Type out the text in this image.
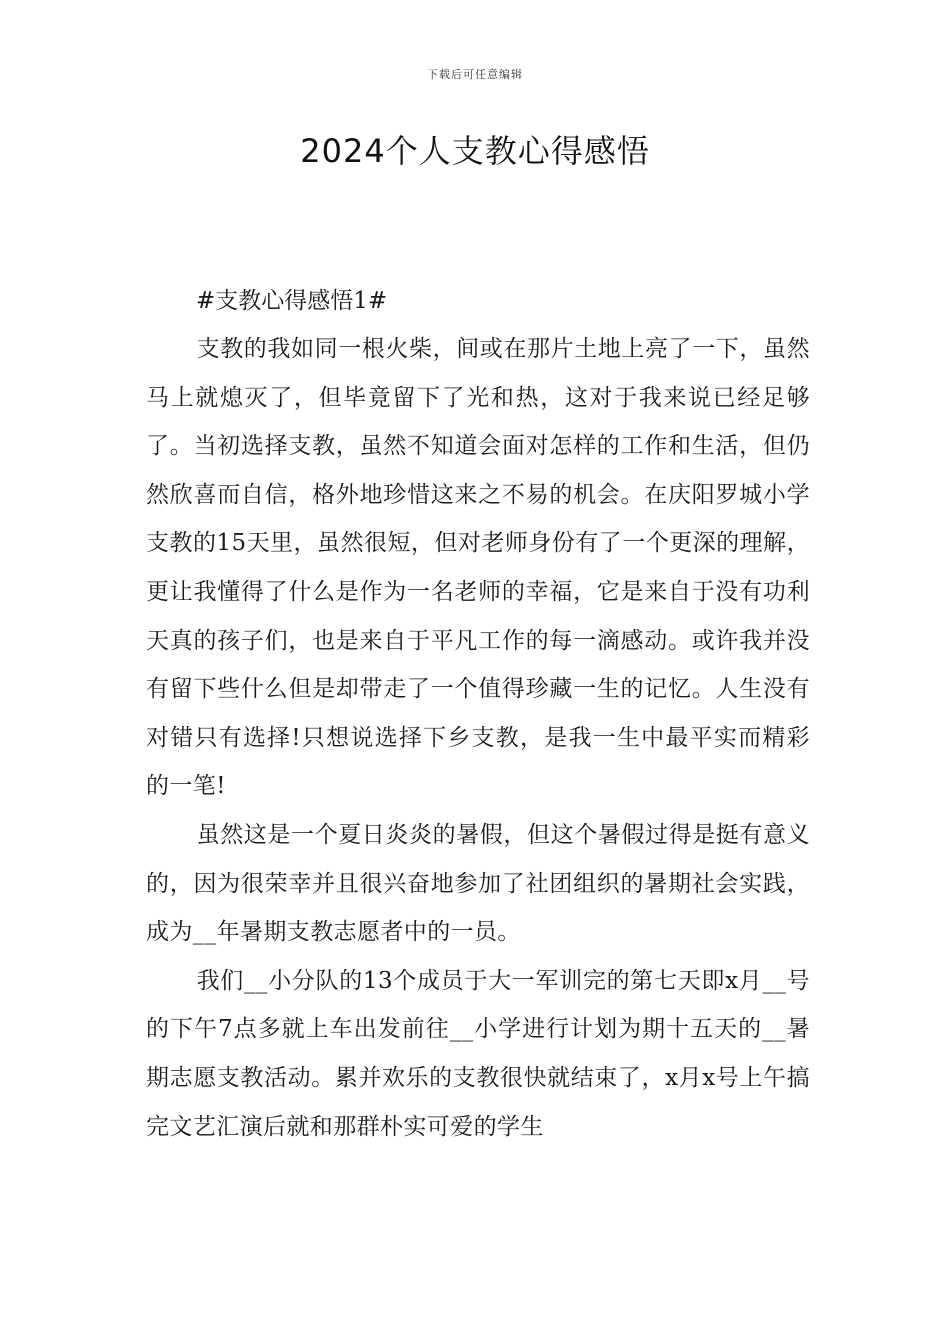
下载后可任意编辑
2024个人支教心得感悟

#支教心得感悟1#

支教的我如同一根火柴，间或在那片土地上亮了一下，虽然马上就熄灭了，但毕竟留下了光和热，这对于我来说已经足够了。当初选择支教，虽然不知道会面对怎样的工作和生活，但仍然欣喜而自信，格外地珍惜这来之不易的机会。在庆阳罗城小学支教的15天里，虽然很短，但对老师身份有了一个更深的理解，更让我懂得了什么是作为一名老师的幸福，它是来自于没有功利天真的孩子们，也是来自于平凡工作的每一滴感动。或许我并没有留下些什么但是却带走了一个值得珍藏一生的记忆。人生没有对错只有选择!只想说选择下乡支教，是我一生中最平实而精彩的一笔!

虽然这是一个夏日炎炎的暑假，但这个暑假过得是挺有意义的，因为很荣幸并且很兴奋地参加了社团组织的暑期社会实践，成为__年暑期支教志愿者中的一员。

我们__小分队的13个成员于大一军训完的第七天即x月__号的下午7点多就上车出发前往__小学进行计划为期十五天的__暑期志愿支教活动。累并欢乐的支教很快就结束了，x月x号上午搞完文艺汇演后就和那群朴实可爱的学生
